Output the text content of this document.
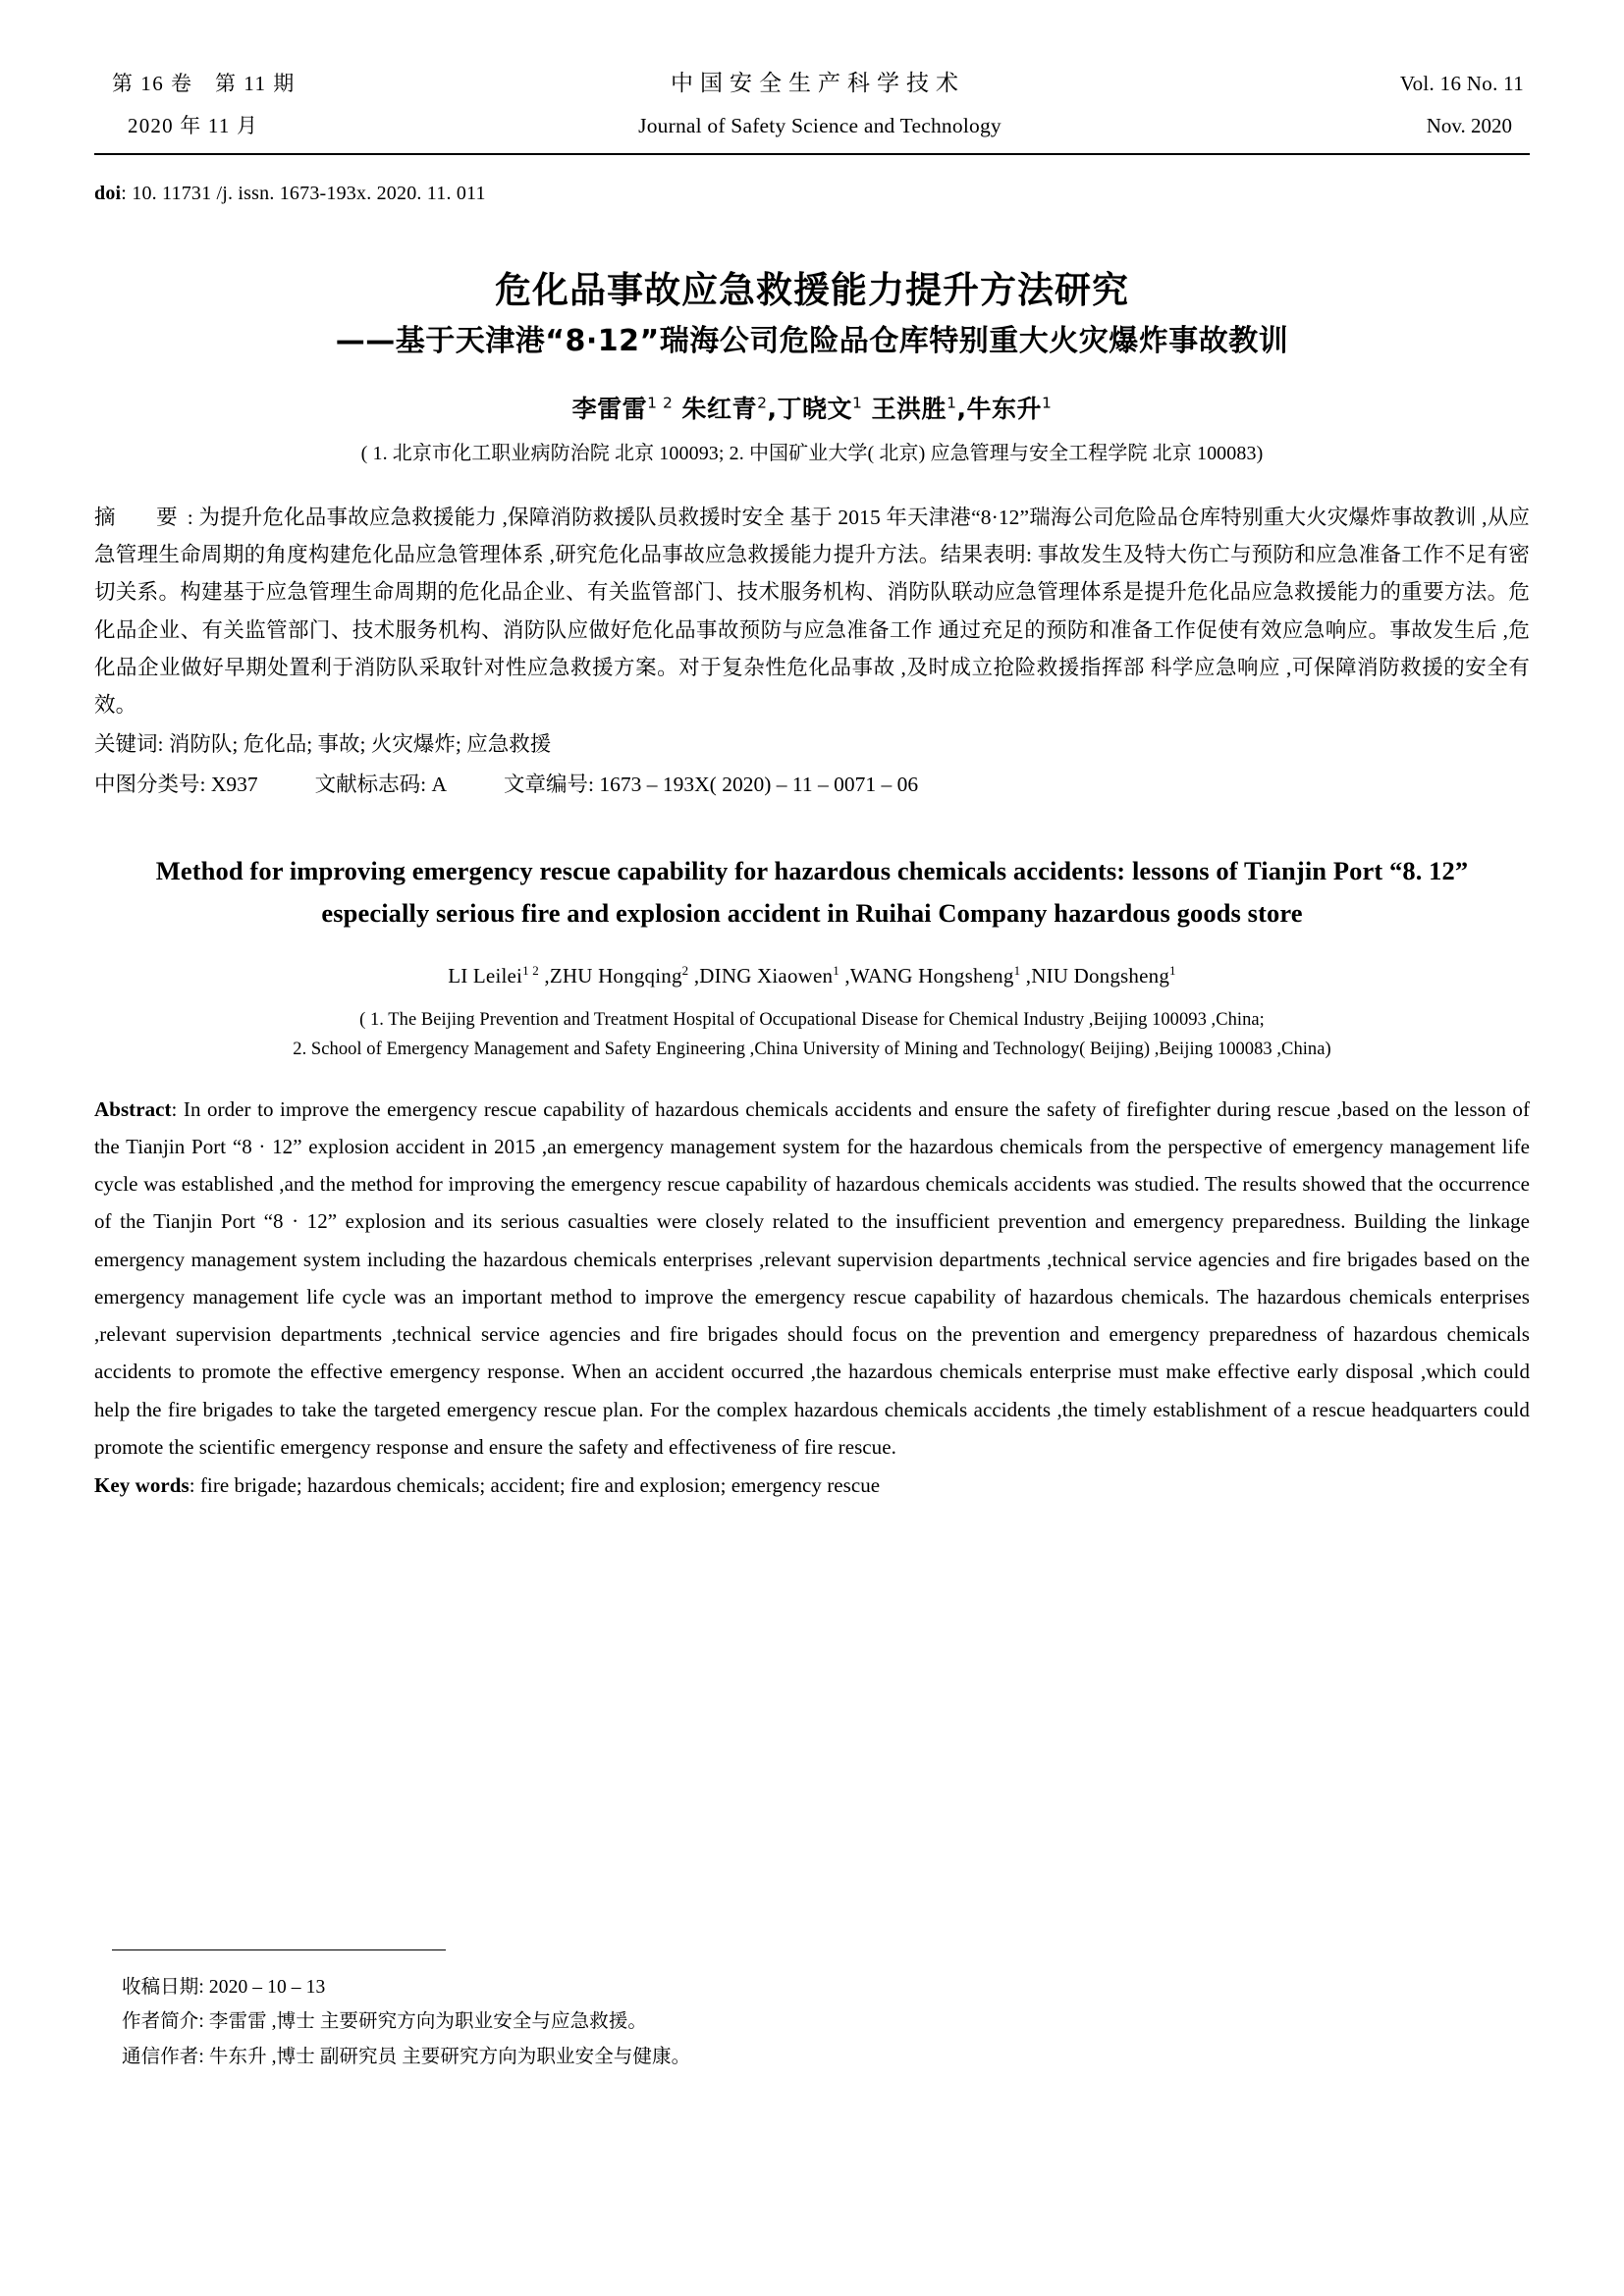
第 16 卷　第 11 期	中国安全生产科学技术	Vol. 16 No. 11
2020 年 11 月	Journal of Safety Science and Technology	Nov. 2020
doi: 10. 11731 /j. issn. 1673-193x. 2020. 11. 011
危化品事故应急救援能力提升方法研究
——基于天津港“8·12”瑞海公司危险品仓库特别重大火灾爆炸事故教训
李雷雷$^{1 2}$ 朱红青$^2$,丁晓文$^1$ 王洪胜$^1$,牛东升$^1$
( 1. 北京市化工职业病防治院 北京 100093; 2. 中国矿业大学( 北京) 应急管理与安全工程学院 北京 100083)
摘　要: 为提升危化品事故应急救援能力 ,保障消防救援队员救援时安全 基于 2015 年天津港“8·12”瑞海公司危险品仓库特别重大火灾爆炸事故教训 ,从应急管理生命周期的角度构建危化品应急管理体系 ,研究危化品事故应急救援能力提升方法。结果表明: 事故发生及特大伤亡与预防和应急准备工作不足有密切关系。构建基于应急管理生命周期的危化品企业、有关监管部门、技术服务机构、消防队联动应急管理体系是提升危化品应急救援能力的重要方法。危化品企业、有关监管部门、技术服务机构、消防队应做好危化品事故预防与应急准备工作 通过充足的预防和准备工作促使有效应急响应。事故发生后 ,危化品企业做好早期处置利于消防队采取针对性应急救援方案。对于复杂性危化品事故 ,及时成立抢险救援指挥部 科学应急响应 ,可保障消防救援的安全有效。
关键词: 消防队; 危化品; 事故; 火灾爆炸; 应急救援
中图分类号: X937	文献标志码: A	文章编号: 1673 – 193X( 2020) – 11 – 0071 – 06
Method for improving emergency rescue capability for hazardous chemicals accidents: lessons of Tianjin Port “8. 12” especially serious fire and explosion accident in Ruihai Company hazardous goods store
LI Leilei$^{1 2}$ ,ZHU Hongqing$^2$ ,DING Xiaowen$^1$ ,WANG Hongsheng$^1$ ,NIU Dongsheng$^1$
( 1. The Beijing Prevention and Treatment Hospital of Occupational Disease for Chemical Industry ,Beijing 100093 ,China;
2. School of Emergency Management and Safety Engineering ,China University of Mining and Technology( Beijing) ,Beijing 100083 ,China)
Abstract: In order to improve the emergency rescue capability of hazardous chemicals accidents and ensure the safety of firefighter during rescue ,based on the lesson of the Tianjin Port “8 · 12” explosion accident in 2015 ,an emergency management system for the hazardous chemicals from the perspective of emergency management life cycle was established ,and the method for improving the emergency rescue capability of hazardous chemicals accidents was studied. The results showed that the occurrence of the Tianjin Port “8 · 12” explosion and its serious casualties were closely related to the insufficient prevention and emergency preparedness. Building the linkage emergency management system including the hazardous chemicals enterprises ,relevant supervision departments ,technical service agencies and fire brigades based on the emergency management life cycle was an important method to improve the emergency rescue capability of hazardous chemicals. The hazardous chemicals enterprises ,relevant supervision departments ,technical service agencies and fire brigades should focus on the prevention and emergency preparedness of hazardous chemicals accidents to promote the effective emergency response. When an accident occurred ,the hazardous chemicals enterprise must make effective early disposal ,which could help the fire brigades to take the targeted emergency rescue plan. For the complex hazardous chemicals accidents ,the timely establishment of a rescue headquarters could promote the scientific emergency response and ensure the safety and effectiveness of fire rescue.
Key words: fire brigade; hazardous chemicals; accident; fire and explosion; emergency rescue
收稿日期: 2020 – 10 – 13
作者简介: 李雷雷 ,博士 主要研究方向为职业安全与应急救援。
通信作者: 牛东升 ,博士 副研究员 主要研究方向为职业安全与健康。
